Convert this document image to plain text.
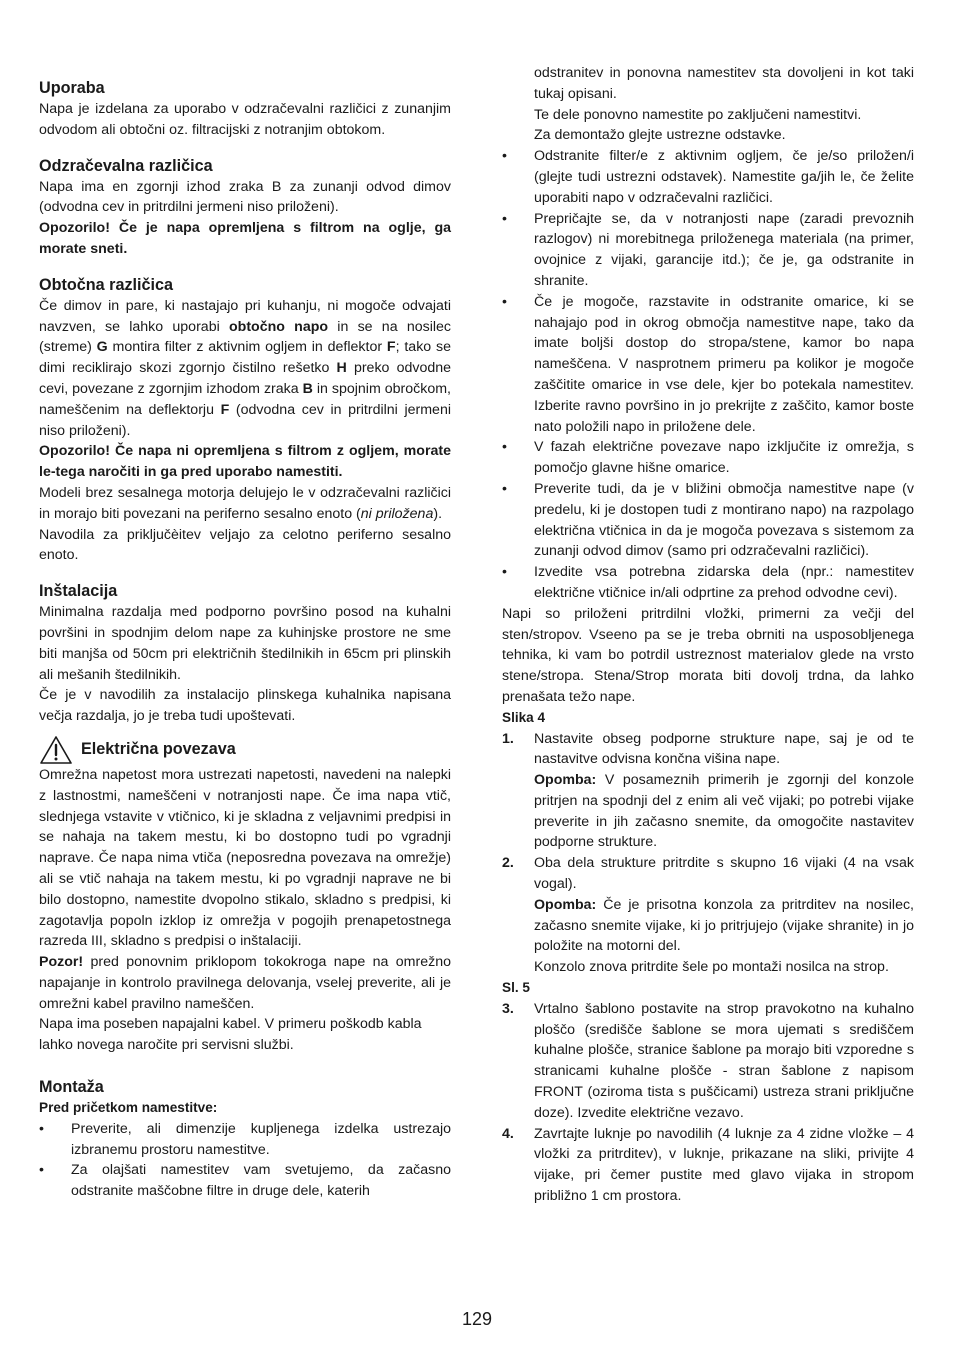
Uporaba

Napa je izdelana za uporabo v odzračevalni različici z zunanjim odvodom ali obtočni oz. filtracijski z notranjim obtokom.

Odzračevalna različica

Napa ima en zgornji izhod zraka B za zunanji odvod dimov (odvodna cev in pritrdilni jermeni niso priloženi).

Opozorilo! Če je napa opremljena s filtrom na oglje, ga morate sneti.

Obtočna različica

Če dimov in pare, ki nastajajo pri kuhanju, ni mogoče odvajati navzven, se lahko uporabi obtočno napo in se na nosilec (streme) G montira filter z aktivnim ogljem in deflektor F; tako se dimi reciklirajo skozi zgornjo čistilno rešetko H preko odvodne cevi, povezane z zgornjim izhodom zraka B in spojnim obročkom, nameščenim na deflektorju F (odvodna cev in pritrdilni jermeni niso priloženi).

Opozorilo! Če napa ni opremljena s filtrom z ogljem, morate le-tega naročiti in ga pred uporabo namestiti.

Modeli brez sesalnega motorja delujejo le v odzračevalni različici in morajo biti povezani na periferno sesalno enoto (ni priložena).

Navodila za priključèitev veljajo za celotno periferno sesalno enoto.

Inštalacija

Minimalna razdalja med podporno površino posod na kuhalni površini in spodnjim delom nape za kuhinjske prostore ne sme biti manjša od 50cm pri električnih štedilnikih in 65cm pri plinskih ali mešanih štedilnikih.

Če je v navodilih za instalacijo plinskega kuhalnika napisana večja razdalja, jo je treba tudi upoštevati.

Električna povezava

Omrežna napetost mora ustrezati napetosti, navedeni na nalepki z lastnostmi, nameščeni v notranjosti nape. Če ima napa vtič, slednjega vstavite v vtičnico, ki je skladna z veljavnimi predpisi in se nahaja na takem mestu, ki bo dostopno tudi po vgradnji naprave. Če napa nima vtiča (neposredna povezava na omrežje) ali se vtič nahaja na takem mestu, ki po vgradnji naprave ne bi bilo dostopno, namestite dvopolno stikalo, skladno s predpisi, ki zagotavlja popoln izklop iz omrežja v pogojih prenapetostnega razreda III, skladno s predpisi o inštalaciji.

Pozor! pred ponovnim priklopom tokokroga nape na omrežno napajanje in kontrolo pravilnega delovanja, vselej preverite, ali je omrežni kabel pravilno nameščen.

Napa ima poseben napajalni kabel. V primeru poškodb kabla lahko novega naročite pri servisni službi.

Montaža

Pred pričetkom namestitve:

• Preverite, ali dimenzije kupljenega izdelka ustrezajo izbranemu prostoru namestitve.

• Za olajšati namestitev vam svetujemo, da začasno odstranite maščobne filtre in druge dele, katerih

odstranitev in ponovna namestitev sta dovoljeni in kot taki tukaj opisani.

Te dele ponovno namestite po zaključeni namestitvi.

Za demontažo glejte ustrezne odstavke.

• Odstranite filter/e z aktivnim ogljem, če je/so priložen/i (glejte tudi ustrezni odstavek). Namestite ga/jih le, če želite uporabiti napo v odzračevalni različici.

• Prepričajte se, da v notranjosti nape (zaradi prevoznih razlogov) ni morebitnega priloženega materiala (na primer, ovojnice z vijaki, garancije itd.); če je, ga odstranite in shranite.

• Če je mogoče, razstavite in odstranite omarice, ki se nahajajo pod in okrog območja namestitve nape, tako da imate boljši dostop do stropa/stene, kamor bo napa nameščena. V nasprotnem primeru pa kolikor je mogoče zaščitite omarice in vse dele, kjer bo potekala namestitev. Izberite ravno površino in jo prekrijte z zaščito, kamor boste nato položili napo in priložene dele.

• V fazah električne povezave napo izključite iz omrežja, s pomočjo glavne hišne omarice.

• Preverite tudi, da je v bližini območja namestitve nape (v predelu, ki je dostopen tudi z montirano napo) na razpolago električna vtičnica in da je mogoča povezava s sistemom za zunanji odvod dimov (samo pri odzračevalni različici).

• Izvedite vsa potrebna zidarska dela (npr.: namestitev električne vtičnice in/ali odprtine za prehod odvodne cevi).

Napi so priloženi pritrdilni vložki, primerni za večji del sten/stropov. Vseeno pa se je treba obrniti na usposobljenega tehnika, ki vam bo potrdil ustreznost materialov glede na vrsto stene/stropa. Stena/Strop morata biti dovolj trdna, da lahko prenašata težo nape.

Slika 4

1. Nastavite obseg podporne strukture nape, saj je od te nastavitve odvisna končna višina nape.

Opomba: V posameznih primerih je zgornji del konzole pritrjen na spodnji del z enim ali več vijaki; po potrebi vijake preverite in jih začasno snemite, da omogočite nastavitev podporne strukture.

2. Oba dela strukture pritrdite s skupno 16 vijaki (4 na vsak vogal).

Opomba: Če je prisotna konzola za pritrditev na nosilec, začasno snemite vijake, ki jo pritrjujejo (vijake shranite) in jo položite na motorni del.

Konzolo znova pritrdite šele po montaži nosilca na strop.

Sl. 5

3. Vrtalno šablono postavite na strop pravokotno na kuhalno ploščo (središče šablone se mora ujemati s središčem kuhalne plošče, stranice šablone pa morajo biti vzporedne s stranicami kuhalne plošče - stran šablone z napisom FRONT (oziroma tista s puščicami) ustreza strani priključne doze). Izvedite električne vezavo.

4. Zavrtajte luknje po navodilih (4 luknje za 4 zidne vložke – 4 vložki za pritrditev), v luknje, prikazane na sliki, privijte 4 vijake, pri čemer pustite med glavo vijaka in stropom približno 1 cm prostora.

129
